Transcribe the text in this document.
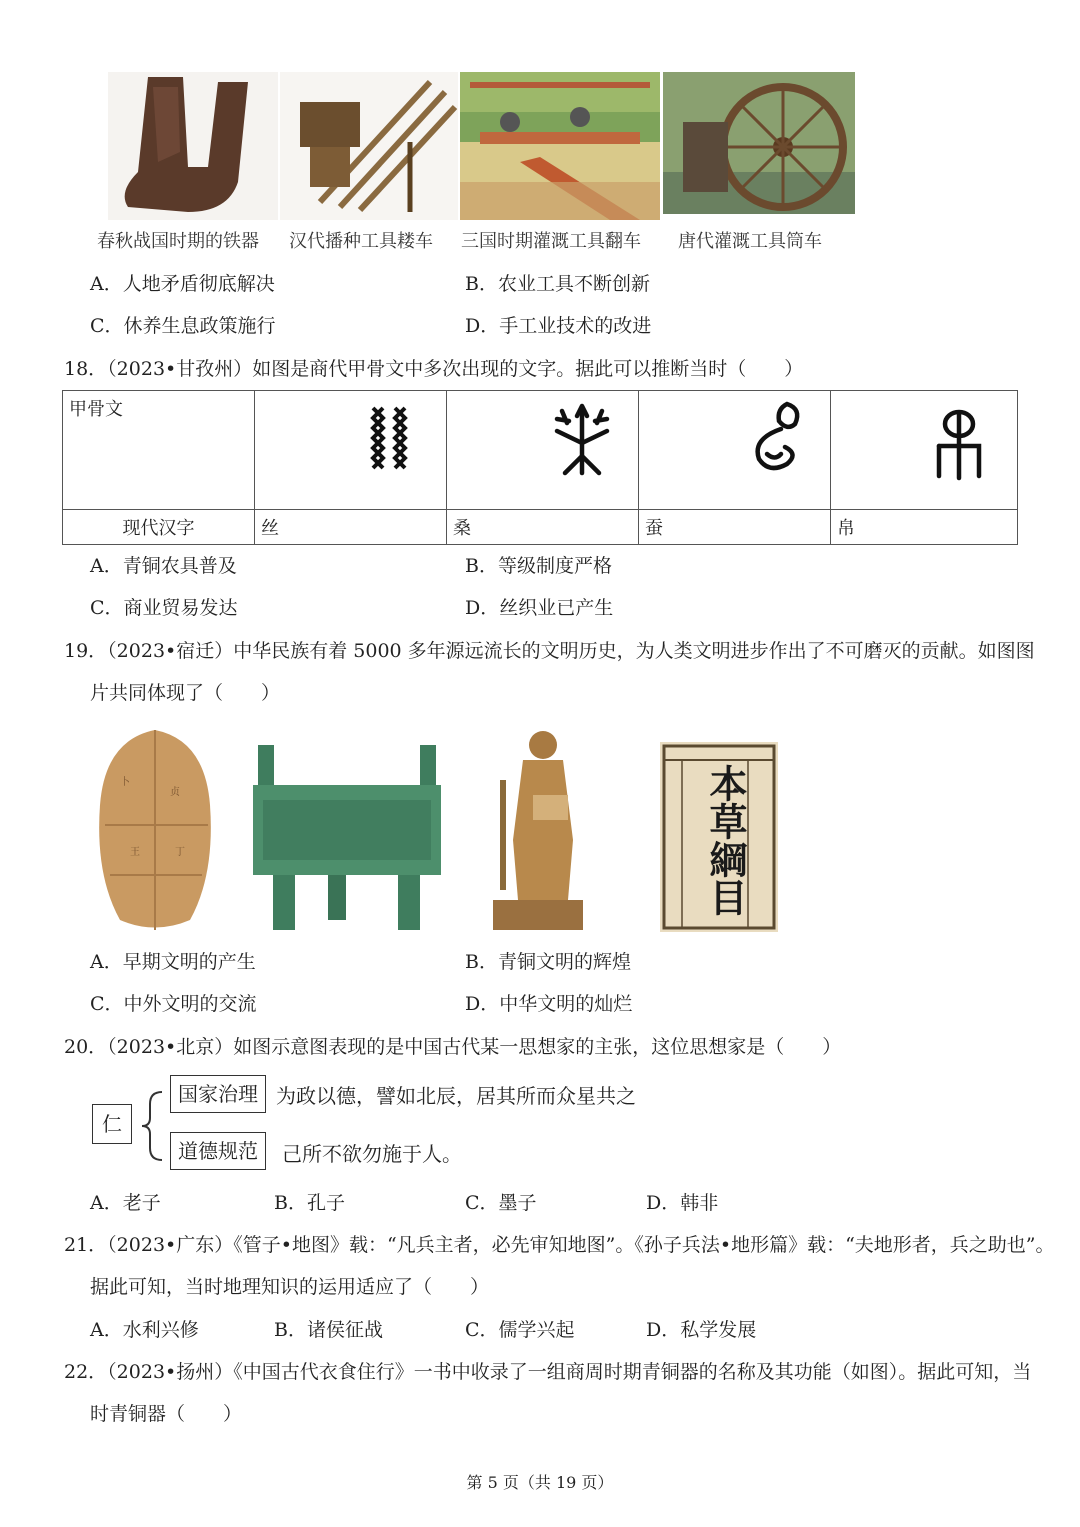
春秋战国时期的铁器 汉代播种工具耧车 三国时期灌溉工具翻车 唐代灌溉工具筒车
A．人地矛盾彻底解决	B．农业工具不断创新
C．休养生息政策施行	D．手工业技术的改进
18．（2023•甘孜州）如图是商代甲骨文中多次出现的文字。据此可以推断当时（　　）
甲骨文	

现代汉字	丝	桑	蚕	帛
A．青铜农具普及	B．等级制度严格
C．商业贸易发达	D．丝织业已产生
19．（2023•宿迁）中华民族有着 5000 多年源远流长的文明历史，为人类文明进步作出了不可磨灭的贡献。如图图
片共同体现了（　　）
卜
贞
王	丁	本草綱目
A．早期文明的产生	B．青铜文明的辉煌
C．中外文明的交流	D．中华文明的灿烂
20．（2023•北京）如图示意图表现的是中国古代某一思想家的主张，这位思想家是（　　）
仁
国家治理 为政以德，譬如北辰，居其所而众星共之
道德规范	己所不欲勿施于人。
A．老子	B．孔子	C．墨子	D．韩非
21．（2023•广东）《管子•地图》载：“凡兵主者，必先审知地图”。《孙子兵法•地形篇》载：“夫地形者，兵之助也”。
据此可知，当时地理知识的运用适应了（　　）
A．水利兴修	B．诸侯征战	C．儒学兴起	D．私学发展
22．（2023•扬州）《中国古代衣食住行》一书中收录了一组商周时期青铜器的名称及其功能（如图）。据此可知，当
时青铜器（　　）
第 5 页（共 19 页）
